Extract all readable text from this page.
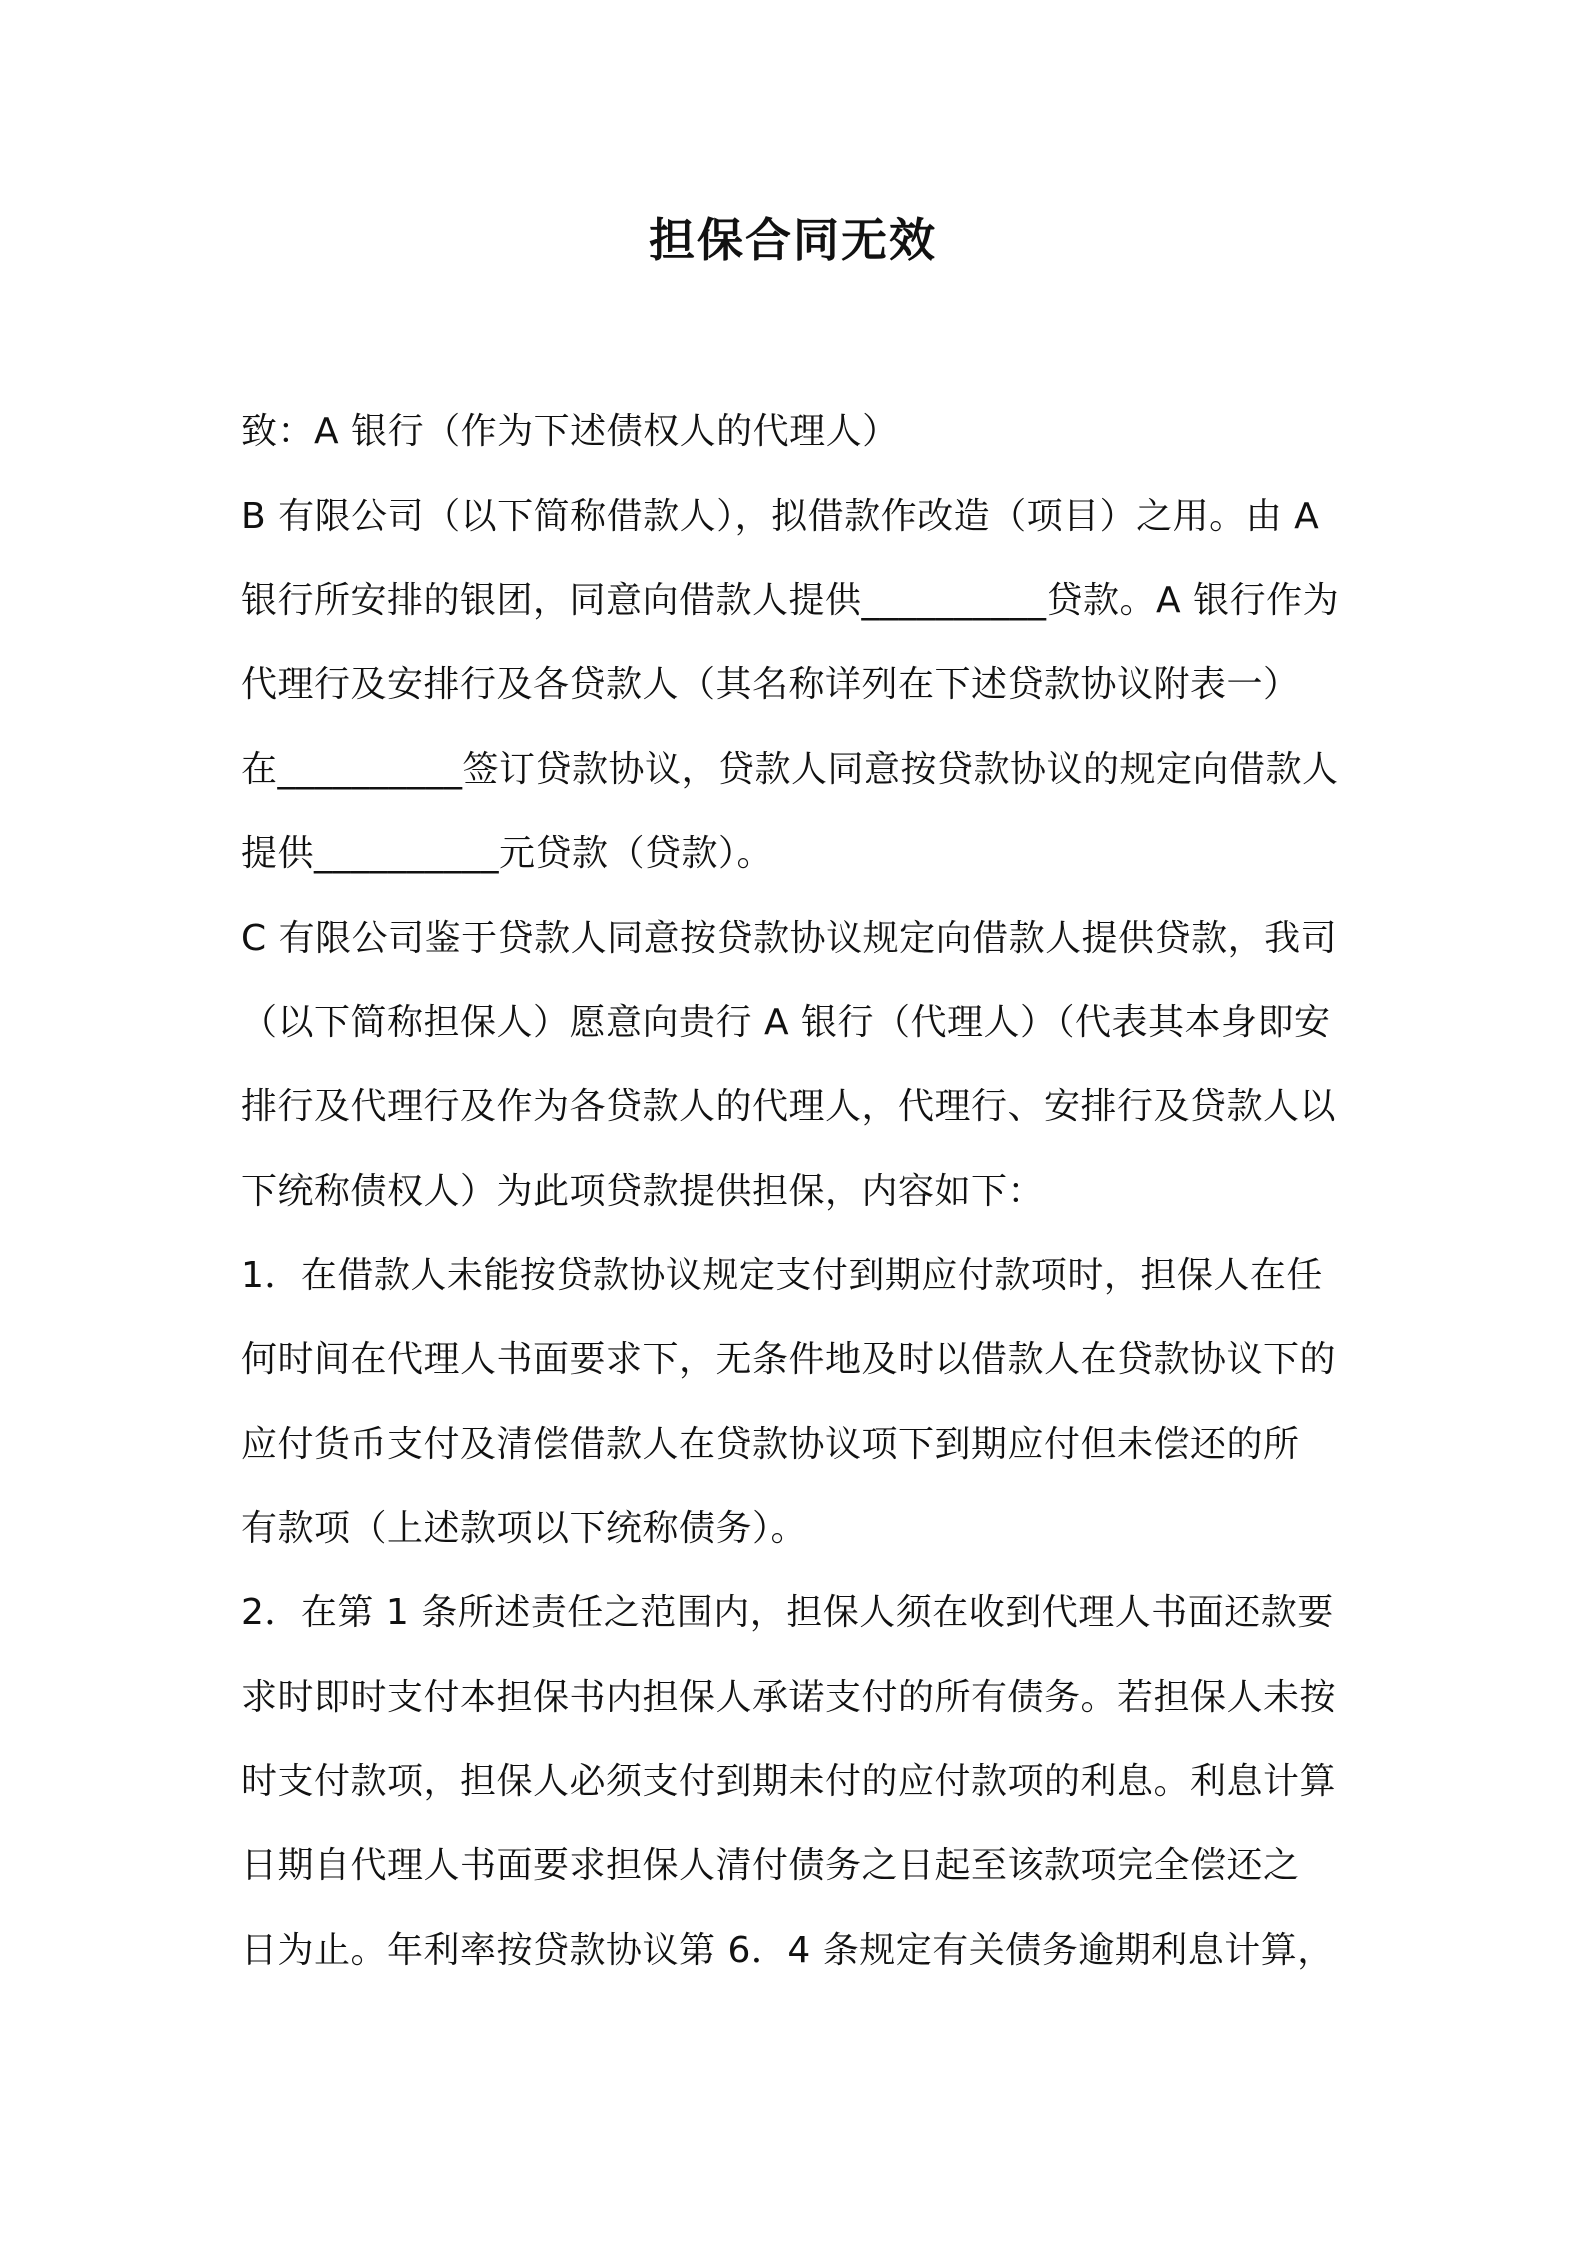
担保合同无效

致：A 银行（作为下述债权人的代理人）

B 有限公司（以下简称借款人），拟借款作改造（项目）之用。由 A

银行所安排的银团，同意向借款人提供__________贷款。A 银行作为

代理行及安排行及各贷款人（其名称详列在下述贷款协议附表一）

在__________签订贷款协议，贷款人同意按贷款协议的规定向借款人

提供__________元贷款（贷款）。

C 有限公司鉴于贷款人同意按贷款协议规定向借款人提供贷款，我司

（以下简称担保人）愿意向贵行 A 银行（代理人）（代表其本身即安

排行及代理行及作为各贷款人的代理人，代理行、安排行及贷款人以

下统称债权人）为此项贷款提供担保，内容如下：

1．在借款人未能按贷款协议规定支付到期应付款项时，担保人在任

何时间在代理人书面要求下，无条件地及时以借款人在贷款协议下的

应付货币支付及清偿借款人在贷款协议项下到期应付但未偿还的所

有款项（上述款项以下统称债务）。

2．在第 1 条所述责任之范围内，担保人须在收到代理人书面还款要

求时即时支付本担保书内担保人承诺支付的所有债务。若担保人未按

时支付款项，担保人必须支付到期未付的应付款项的利息。利息计算

日期自代理人书面要求担保人清付债务之日起至该款项完全偿还之

日为止。年利率按贷款协议第 6．4 条规定有关债务逾期利息计算，
